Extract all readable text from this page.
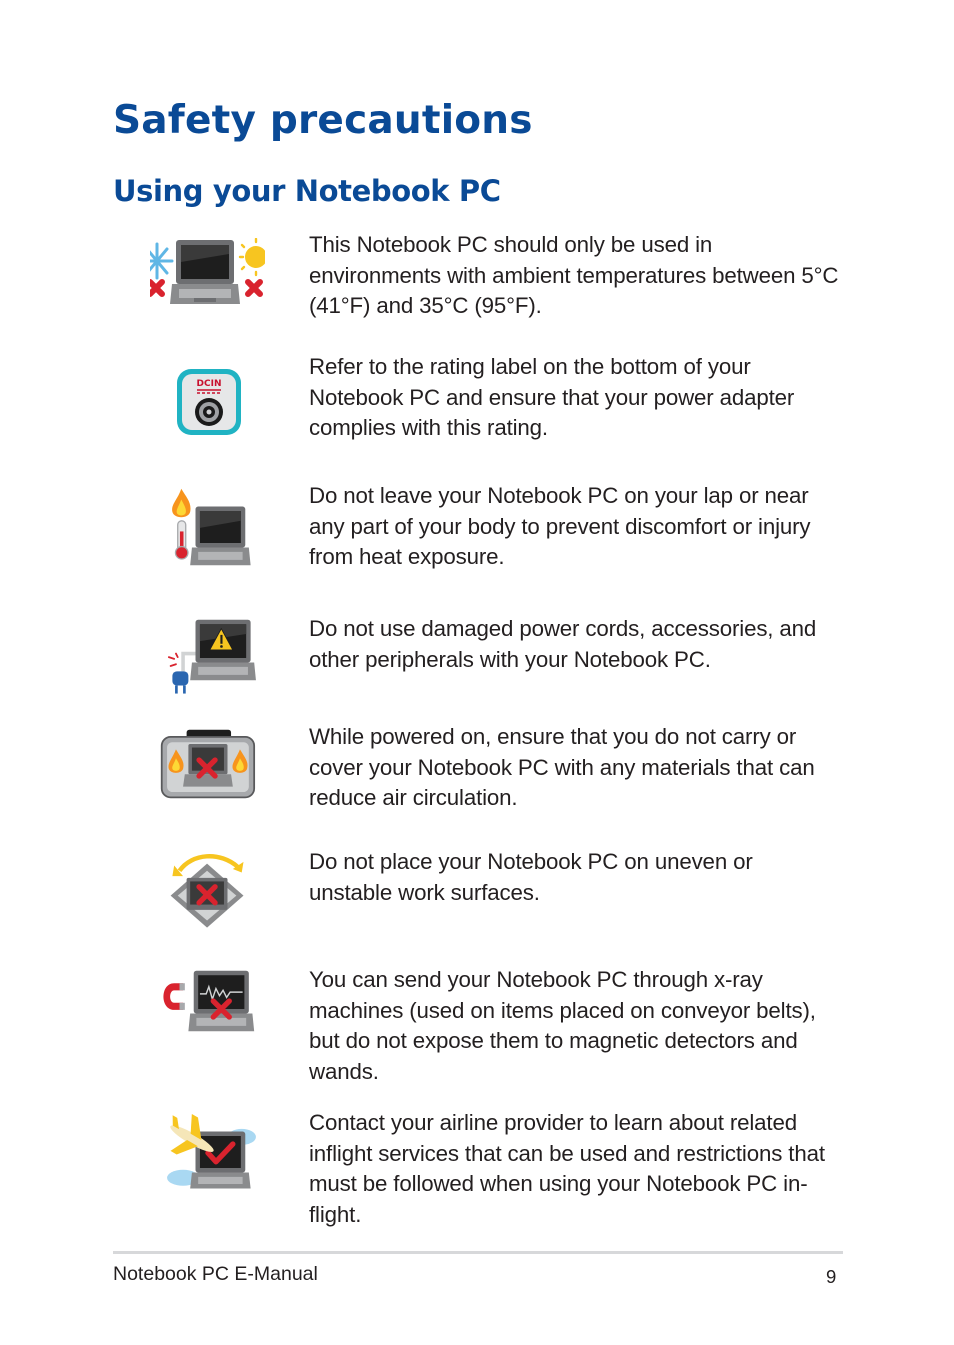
Safety precautions
Using your Notebook PC

This Notebook PC should only be used in environments with ambient temperatures between 5°C (41°F) and 35°C (95°F).

DCIN

Refer to the rating label on the bottom of your Notebook PC and ensure that your power adapter complies with this rating.

Do not leave your Notebook PC on your lap or near any part of your body to prevent discomfort or injury from heat exposure.

Do not use damaged power cords, accessories, and other peripherals with your Notebook PC.

While powered on, ensure that you do not carry or cover your Notebook PC with any materials that can reduce air circulation.

Do not place your Notebook PC on uneven or unstable work surfaces.

You can send your Notebook PC through x-ray machines (used on items placed on conveyor belts), but do not expose them to magnetic detectors and wands.

Contact your airline provider to learn about related inflight services that can be used and restrictions that must be followed when using your Notebook PC in-flight.

Notebook PC E-Manual	9
